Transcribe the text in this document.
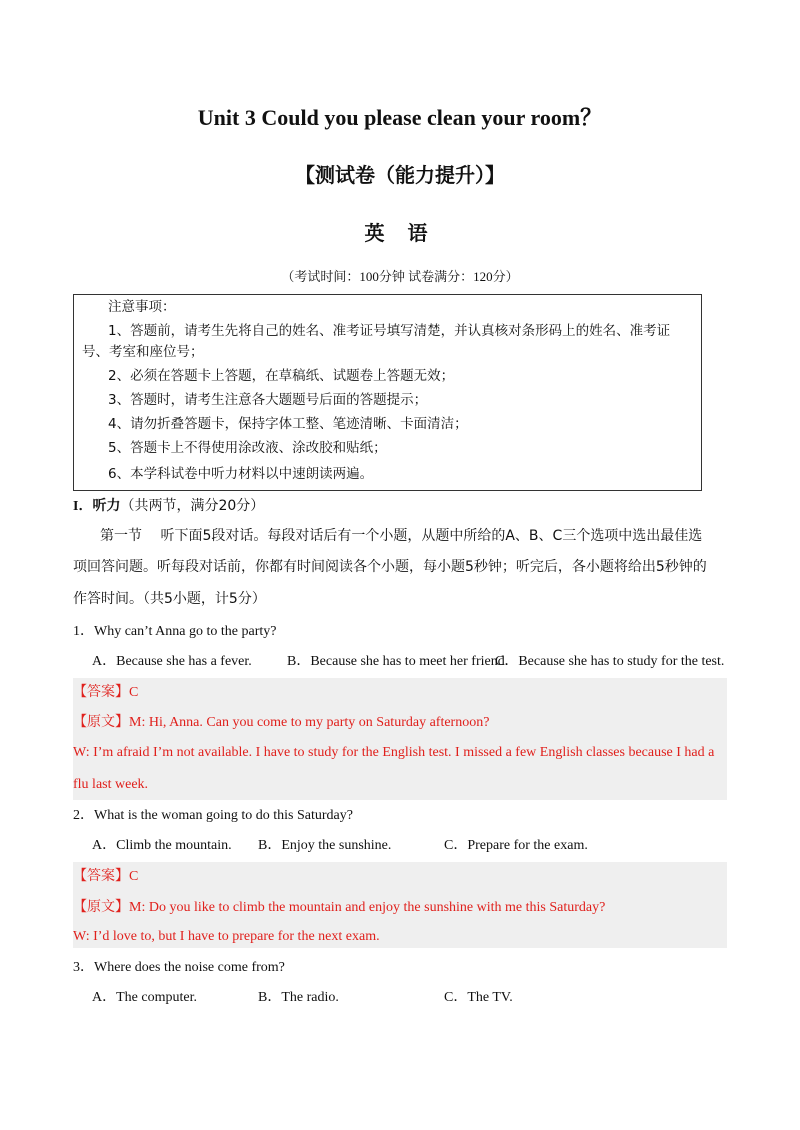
Unit 3 Could you please clean your room？
【测试卷（能力提升）】
英 语
（考试时间：100分钟 试卷满分：120分）
注意事项：
1、答题前，请考生先将自己的姓名、准考证号填写清楚，并认真核对条形码上的姓名、准考证
号、考室和座位号；
2、必须在答题卡上答题，在草稿纸、试题卷上答题无效；
3、答题时，请考生注意各大题题号后面的答题提示；
4、请勿折叠答题卡，保持字体工整、笔迹清晰、卡面清洁；
5、答题卡上不得使用涂改液、涂改胶和贴纸；
6、本学科试卷中听力材料以中速朗读两遍。
I．听力（共两节，满分20分）
第一节　 听下面5段对话。每段对话后有一个小题，从题中所给的A、B、C三个选项中选出最佳选
项回答问题。听每段对话前，你都有时间阅读各个小题，每小题5秒钟；听完后，各小题将给出5秒钟的
作答时间。（共5小题，计5分）
1．Why can’t Anna go to the party?
A．Because she has a fever.	B．Because she has to meet her friend.
C．Because she has to study for the test.
【答案】C
【原文】M: Hi, Anna. Can you come to my party on Saturday afternoon?
W: I’m afraid I’m not available. I have to study for the English test. I missed a few English classes because I had a
flu last week.
2．What is the woman going to do this Saturday?
A．Climb the mountain. B．Enjoy the sunshine.	C．Prepare for the exam.
【答案】C
【原文】M: Do you like to climb the mountain and enjoy the sunshine with me this Saturday?
W: I’d love to, but I have to prepare for the next exam.
3．Where does the noise come from?
A．The computer.	B．The radio.	C．The TV.
